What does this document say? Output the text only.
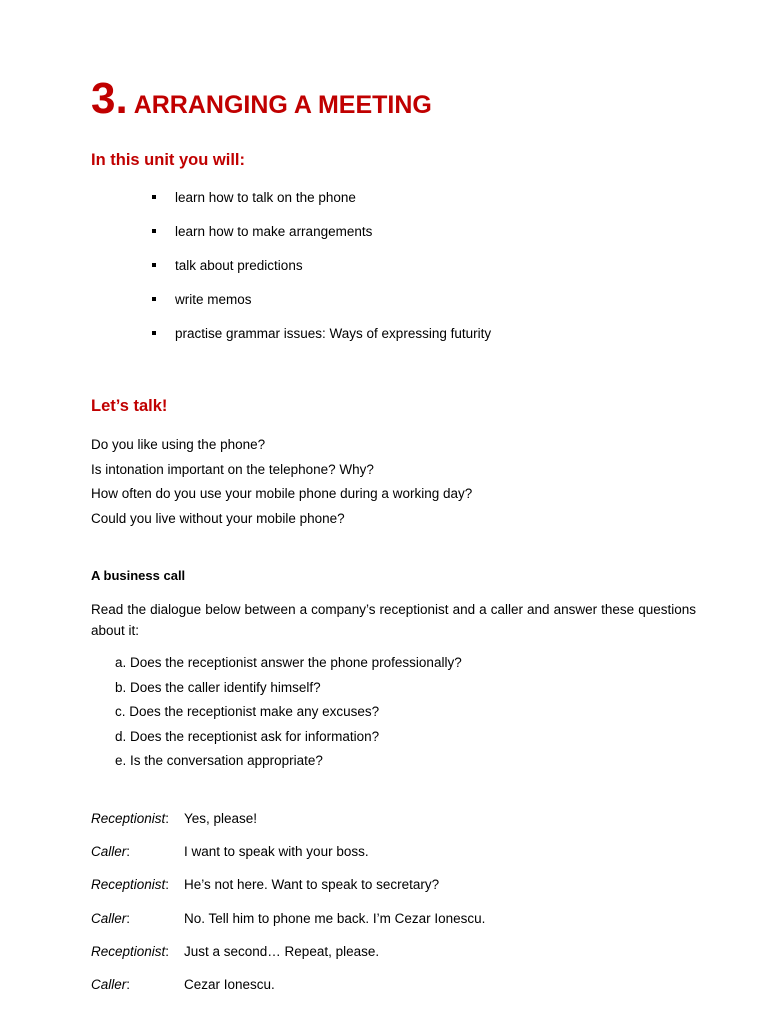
3. ARRANGING A MEETING
In this unit you will:
learn how to talk on the phone
learn how to make arrangements
talk about predictions
write memos
practise grammar issues: Ways of expressing futurity
Let’s talk!
Do you like using the phone?
Is intonation important on the telephone? Why?
How often do you use your mobile phone during a working day?
Could you live without your mobile phone?
A business call
Read the dialogue below between a company’s receptionist and a caller and answer these questions about it:
a. Does the receptionist answer the phone professionally?
b. Does the caller identify himself?
c. Does the receptionist make any excuses?
d. Does the receptionist ask for information?
e. Is the conversation appropriate?
Receptionist: Yes, please!
Caller:	I want to speak with your boss.
Receptionist: He’s not here. Want to speak to secretary?
Caller:	No. Tell him to phone me back. I’m Cezar Ionescu.
Receptionist: Just a second… Repeat, please.
Caller:	Cezar Ionescu.
